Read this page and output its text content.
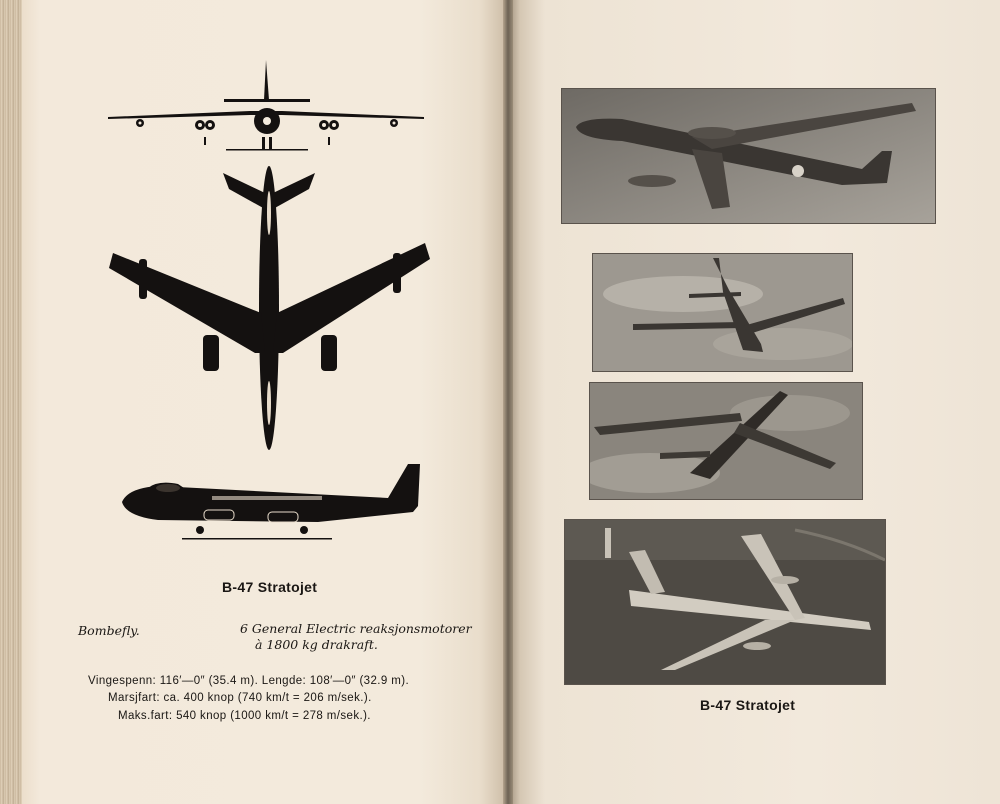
B-47 Stratojet
Bombefly.	6 General Electric reaksjonsmotorer
à 1800 kg drakraft.
Vingespenn: 116′—0″ (35.4 m). Lengde: 108′—0″ (32.9 m).
Marsjfart: ca. 400 knop (740 km/t = 206 m/sek.).
Maks.fart: 540 knop (1000 km/t = 278 m/sek.).
B-47 Stratojet
